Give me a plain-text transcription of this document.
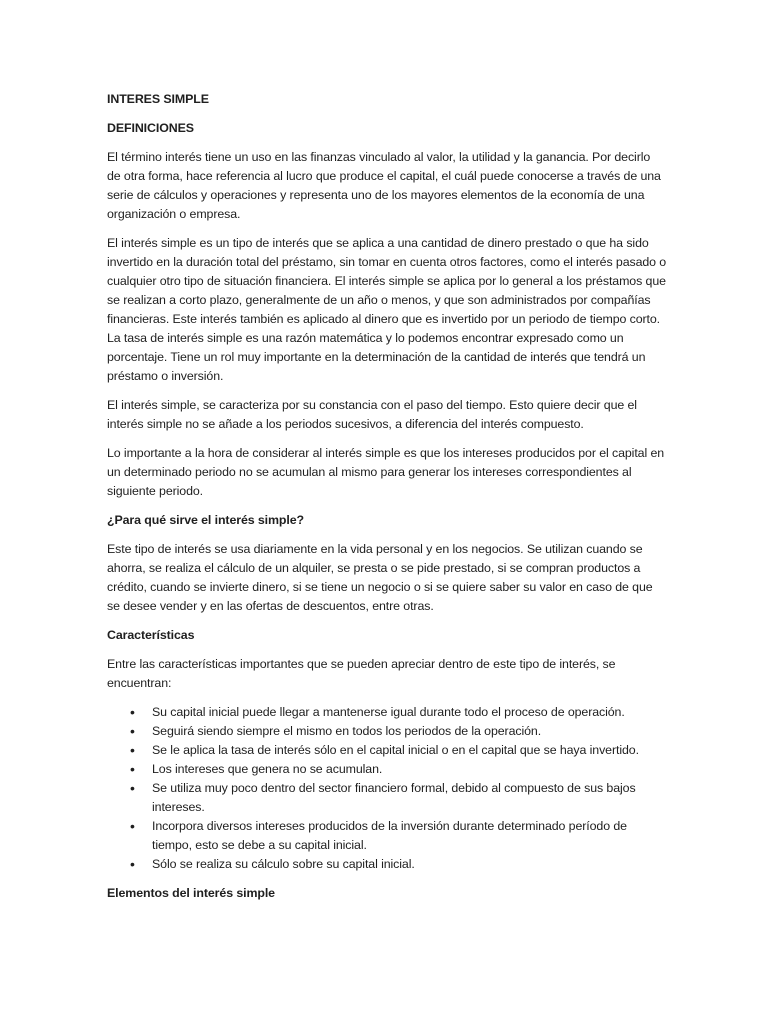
INTERES SIMPLE
DEFINICIONES
El término interés tiene un uso en las finanzas vinculado al valor, la utilidad y la ganancia. Por decirlo de otra forma, hace referencia al lucro que produce el capital, el cuál puede conocerse a través de una serie de cálculos y operaciones y representa uno de los mayores elementos de la economía de una organización o empresa.
El interés simple es un tipo de interés que se aplica a una cantidad de dinero prestado o que ha sido invertido en la duración total del préstamo, sin tomar en cuenta otros factores, como el interés pasado o cualquier otro tipo de situación financiera. El interés simple se aplica por lo general a los préstamos que se realizan a corto plazo, generalmente de un año o menos, y que son administrados por compañías financieras. Este interés también es aplicado al dinero que es invertido por un periodo de tiempo corto. La tasa de interés simple es una razón matemática y lo podemos encontrar expresado como un porcentaje. Tiene un rol muy importante en la determinación de la cantidad de interés que tendrá un préstamo o inversión.
El interés simple, se caracteriza por su constancia con el paso del tiempo. Esto quiere decir que el interés simple no se añade a los periodos sucesivos, a diferencia del interés compuesto.
Lo importante a la hora de considerar al interés simple es que los intereses producidos por el capital en un determinado periodo no se acumulan al mismo para generar los intereses correspondientes al siguiente periodo.
¿Para qué sirve el interés simple?
Este tipo de interés se usa diariamente en la vida personal y en los negocios. Se utilizan cuando se ahorra, se realiza el cálculo de un alquiler, se presta o se pide prestado, si se compran productos a crédito, cuando se invierte dinero, si se tiene un negocio o si se quiere saber su valor en caso de que se desee vender y en las ofertas de descuentos, entre otras.
Características
Entre las características importantes que se pueden apreciar dentro de este tipo de interés, se encuentran:
• Su capital inicial puede llegar a mantenerse igual durante todo el proceso de operación.
• Seguirá siendo siempre el mismo en todos los periodos de la operación.
• Se le aplica la tasa de interés sólo en el capital inicial o en el capital que se haya invertido.
• Los intereses que genera no se acumulan.
• Se utiliza muy poco dentro del sector financiero formal, debido al compuesto de sus bajos intereses.
• Incorpora diversos intereses producidos de la inversión durante determinado período de tiempo, esto se debe a su capital inicial.
• Sólo se realiza su cálculo sobre su capital inicial.
Elementos del interés simple
